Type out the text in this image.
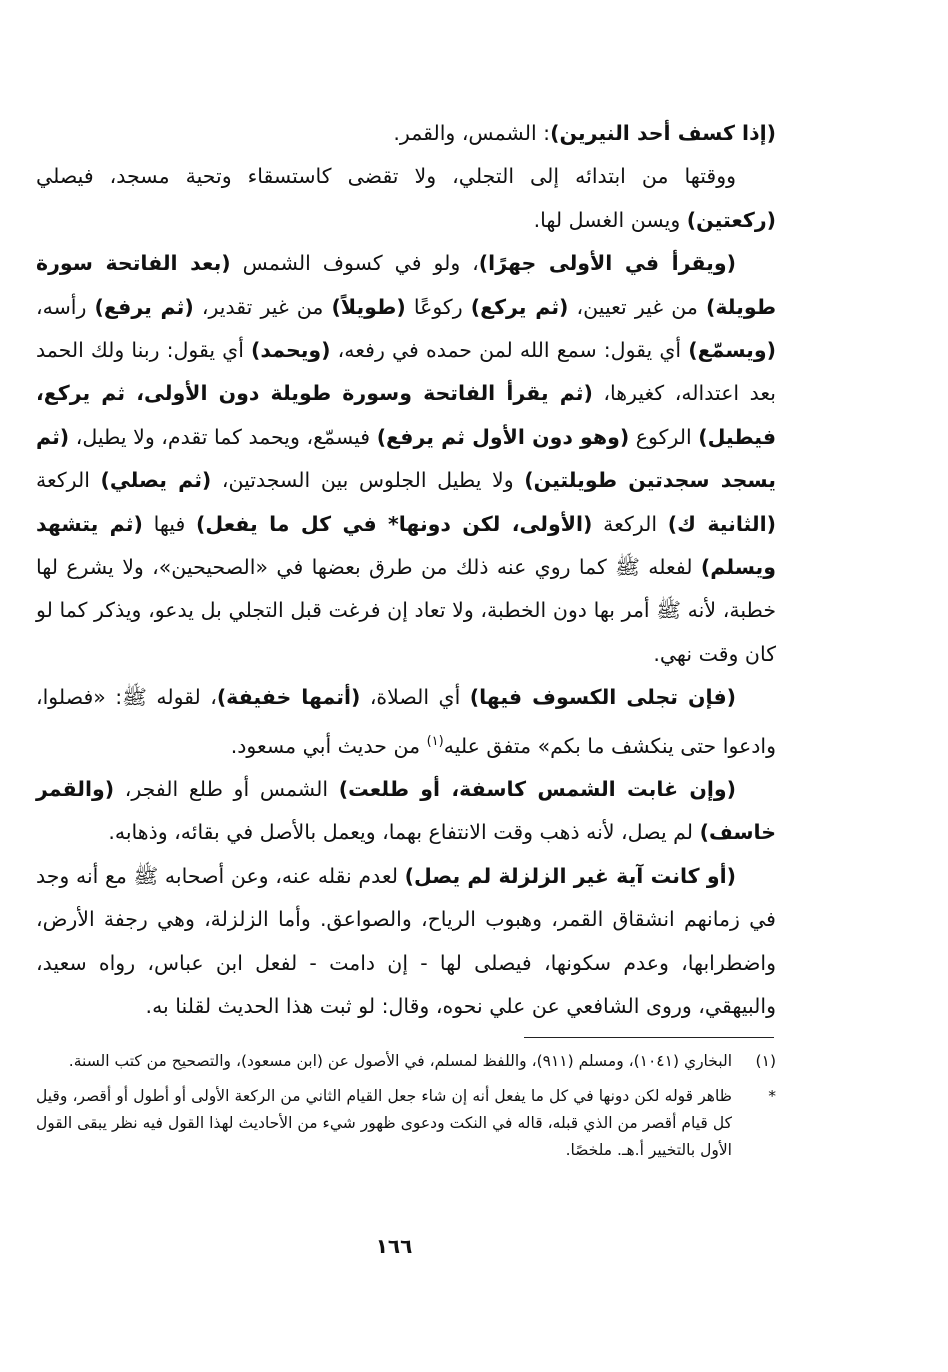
(إذا كسف أحد النيرين): الشمس، والقمر.

ووقتها من ابتدائه إلى التجلي، ولا تقضى كاستسقاء وتحية مسجد، فيصلي (ركعتين) ويسن الغسل لها.

(ويقرأ في الأولى جهرًا)، ولو في كسوف الشمس (بعد الفاتحة سورة طويلة) من غير تعيين، (ثم يركع) ركوعًا (طويلاً) من غير تقدير، (ثم يرفع) رأسه، (ويسمّع) أي يقول: سمع الله لمن حمده في رفعه، (ويحمد) أي يقول: ربنا ولك الحمد بعد اعتداله، كغيرها، (ثم يقرأ الفاتحة وسورة طويلة دون الأولى، ثم يركع، فيطيل) الركوع (وهو دون الأول ثم يرفع) فيسمّع، ويحمد كما تقدم، ولا يطيل، (ثم يسجد سجدتين طويلتين) ولا يطيل الجلوس بين السجدتين، (ثم يصلي) الركعة (الثانية ك) الركعة (الأولى، لكن دونها* في كل ما يفعل) فيها (ثم يتشهد ويسلم) لفعله ﷺ كما روي عنه ذلك من طرق بعضها في «الصحيحين»، ولا يشرع لها خطبة، لأنه ﷺ أمر بها دون الخطبة، ولا تعاد إن فرغت قبل التجلي بل يدعو، ويذكر كما لو كان وقت نهي.

(فإن تجلى الكسوف فيها) أي الصلاة، (أتمها خفيفة)، لقوله ﷺ: «فصلوا، وادعوا حتى ينكشف ما بكم» متفق عليه$^{(١)}$ من حديث أبي مسعود.

(وإن غابت الشمس كاسفة، أو طلعت) الشمس أو طلع الفجر، (والقمر خاسف) لم يصل، لأنه ذهب وقت الانتفاع بهما، ويعمل بالأصل في بقائه، وذهابه.

(أو كانت آية غير الزلزلة لم يصل) لعدم نقله عنه، وعن أصحابه ﷺ مع أنه وجد في زمانهم انشقاق القمر، وهبوب الرياح، والصواعق. وأما الزلزلة، وهي رجفة الأرض، واضطرابها، وعدم سكونها، فيصلى لها - إن دامت - لفعل ابن عباس، رواه سعيد، والبيهقي، وروى الشافعي عن علي نحوه، وقال: لو ثبت هذا الحديث لقلنا به.

(١)
البخاري (١٠٤١)، ومسلم (٩١١)، واللفظ لمسلم، في الأصول عن (ابن مسعود)، والتصحيح من كتب السنة.
*
ظاهر قوله لكن دونها في كل ما يفعل أنه إن شاء جعل القيام الثاني من الركعة الأولى أو أطول أو أقصر، وقيل كل قيام أقصر من الذي قبله، قاله في النكت ودعوى ظهور شيء من الأحاديث لهذا القول فيه نظر يبقى القول الأول بالتخيير أ.هـ. ملخصًا.
١٦٦
